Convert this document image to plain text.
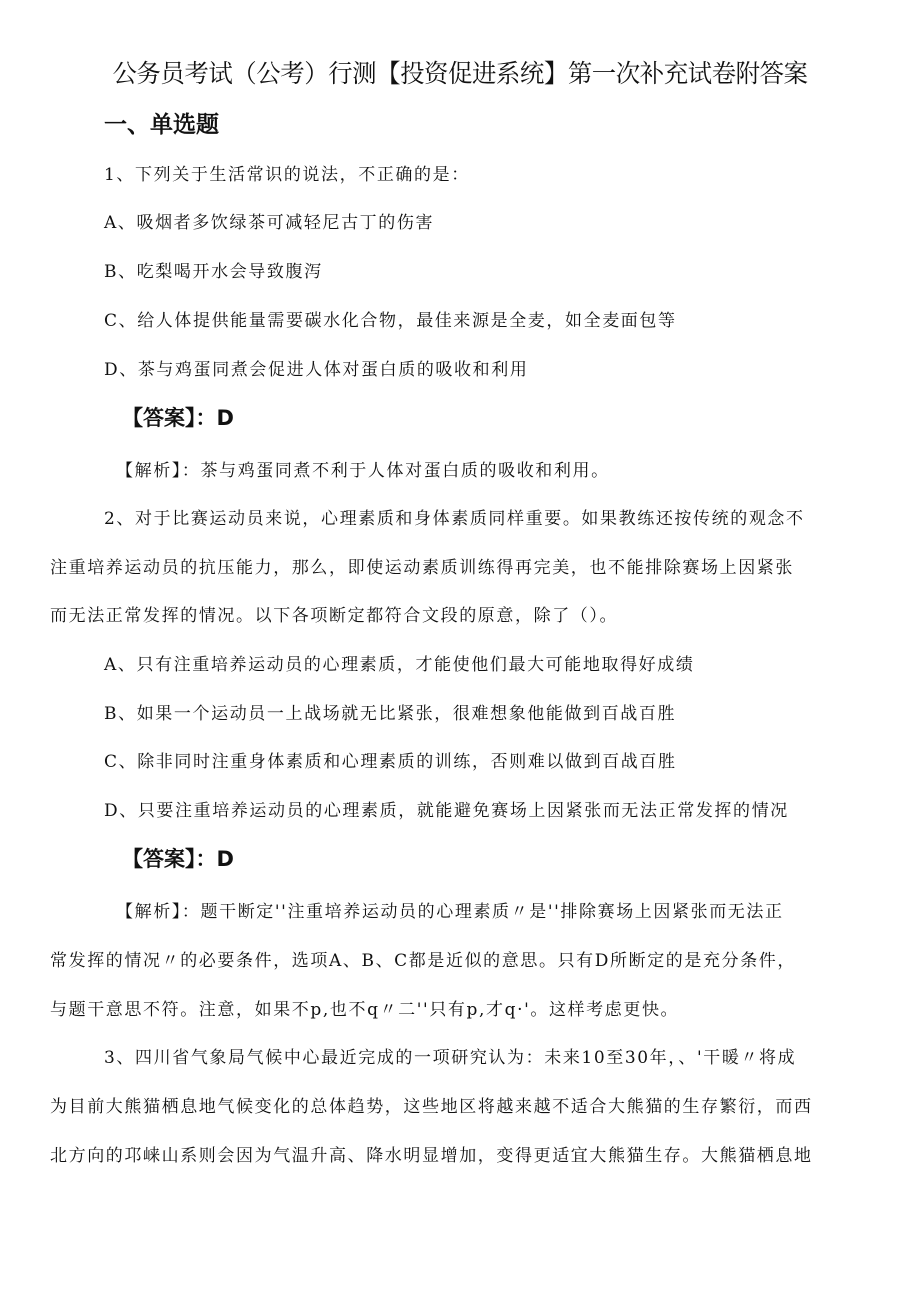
公务员考试（公考）行测【投资促进系统】第一次补充试卷附答案
一、单选题
1、下列关于生活常识的说法，不正确的是：
A、吸烟者多饮绿茶可减轻尼古丁的伤害
B、吃梨喝开水会导致腹泻
C、给人体提供能量需要碳水化合物，最佳来源是全麦，如全麦面包等
D、茶与鸡蛋同煮会促进人体对蛋白质的吸收和利用
【答案】：D
【解析】：茶与鸡蛋同煮不利于人体对蛋白质的吸收和利用。
2、对于比赛运动员来说，心理素质和身体素质同样重要。如果教练还按传统的观念不
注重培养运动员的抗压能力，那么，即使运动素质训练得再完美，也不能排除赛场上因紧张
而无法正常发挥的情况。以下各项断定都符合文段的原意，除了（）。
A、只有注重培养运动员的心理素质，才能使他们最大可能地取得好成绩
B、如果一个运动员一上战场就无比紧张，很难想象他能做到百战百胜
C、除非同时注重身体素质和心理素质的训练，否则难以做到百战百胜
D、只要注重培养运动员的心理素质，就能避免赛场上因紧张而无法正常发挥的情况
【答案】：D
【解析】：题干断定''注重培养运动员的心理素质〃是''排除赛场上因紧张而无法正
常发挥的情况〃的必要条件，选项A、B、C都是近似的意思。只有D所断定的是充分条件，
与题干意思不符。注意，如果不p,也不q〃二''只有p,才q·'。这样考虑更快。
3、四川省气象局气候中心最近完成的一项研究认为：未来10至30年，、'干暖〃将成
为目前大熊猫栖息地气候变化的总体趋势，这些地区将越来越不适合大熊猫的生存繁衍，而西
北方向的邛崃山系则会因为气温升高、降水明显增加，变得更适宜大熊猫生存。大熊猫栖息地
